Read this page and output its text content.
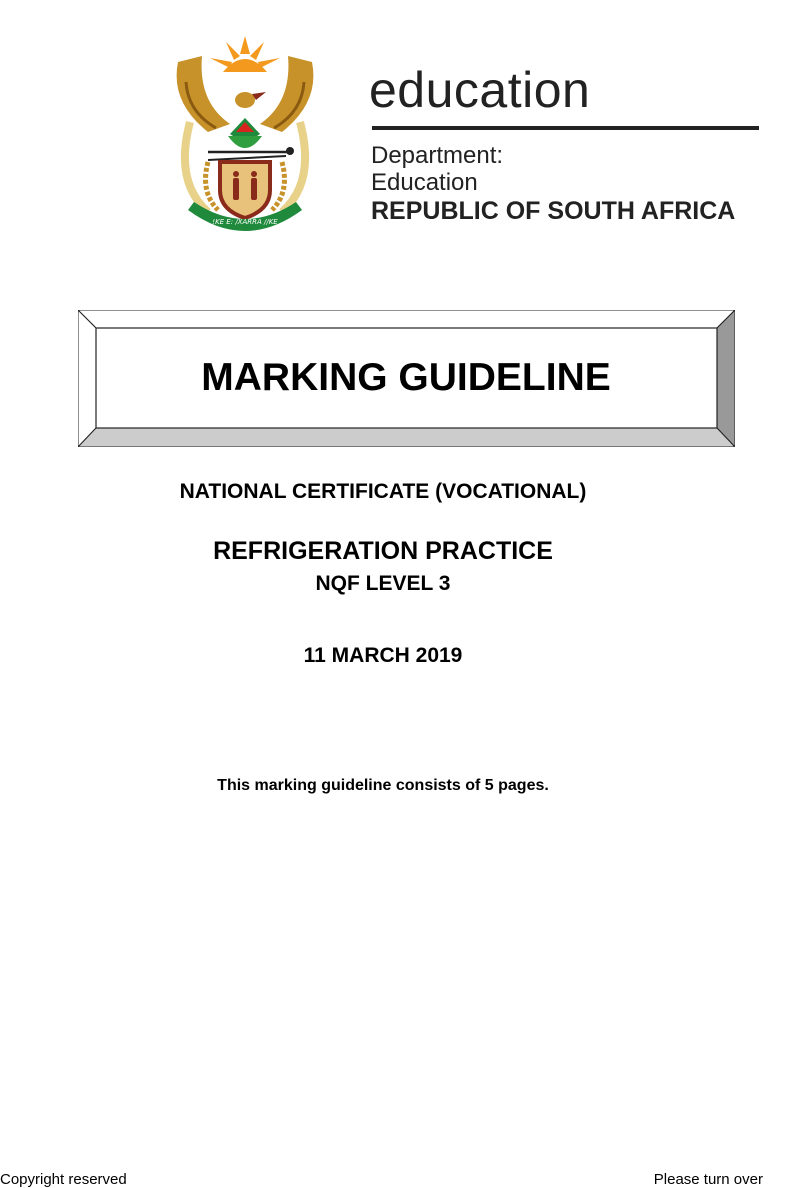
!KE E: /XARRA //KE
education
Department:
Education
REPUBLIC OF SOUTH AFRICA
MARKING GUIDELINE
NATIONAL CERTIFICATE (VOCATIONAL)
REFRIGERATION PRACTICE
NQF LEVEL 3
11 MARCH 2019
This marking guideline consists of 5 pages.
Copyright reserved	Please turn over
